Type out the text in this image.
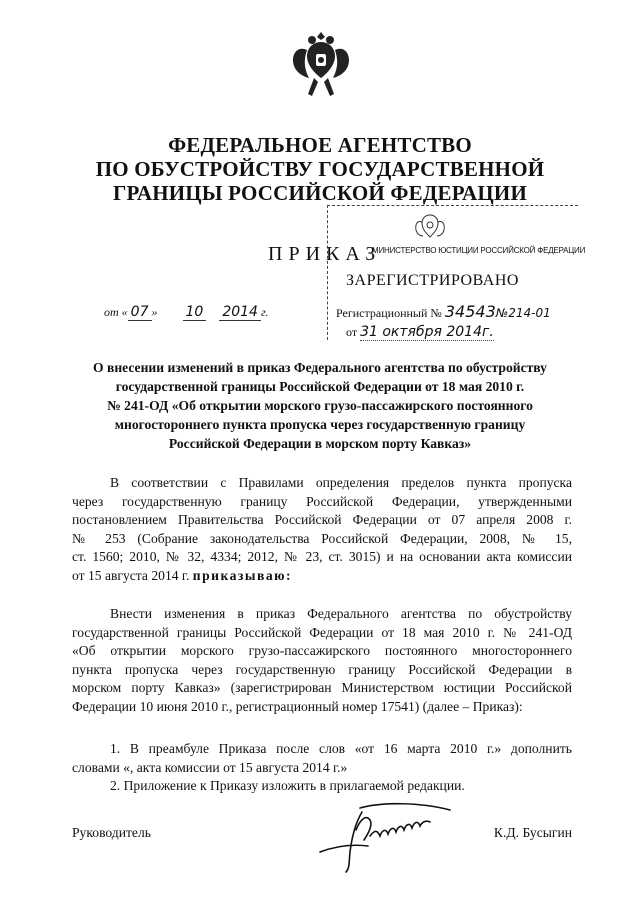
ФЕДЕРАЛЬНОЕ АГЕНТСТВО
ПО ОБУСТРОЙСТВУ ГОСУДАРСТВЕННОЙ
ГРАНИЦЫ РОССИЙСКОЙ ФЕДЕРАЦИИ
ПРИКАЗ
от « 07 » 10 2014 г.
МИНИСТЕРСТВО ЮСТИЦИИ РОССИЙСКОЙ ФЕДЕРАЦИИ
ЗАРЕГИСТРИРОВАНО
Регистрационный № 34543№214-01
от 31 октября 2014г.
О внесении изменений в приказ Федерального агентства по обустройству
государственной границы Российской Федерации от 18 мая 2010 г.
№ 241-ОД «Об открытии морского грузо-пассажирского постоянного
многостороннего пункта пропуска через государственную границу
Российской Федерации в морском порту Кавказ»
В соответствии с Правилами определения пределов пункта пропуска
через государственную границу Российской Федерации, утвержденными
постановлением Правительства Российской Федерации от 07 апреля 2008 г.
№ 253 (Собрание законодательства Российской Федерации, 2008, № 15,
ст. 1560; 2010, № 32, 4334; 2012, № 23, ст. 3015) и на основании акта комиссии
от 15 августа 2014 г. приказываю:
Внести изменения в приказ Федерального агентства по обустройству
государственной границы Российской Федерации от 18 мая 2010 г. № 241-ОД
«Об открытии морского грузо-пассажирского постоянного многостороннего
пункта пропуска через государственную границу Российской Федерации в
морском порту Кавказ» (зарегистрирован Министерством юстиции Российской
Федерации 10 июня 2010 г., регистрационный номер 17541) (далее – Приказ):
1. В преамбуле Приказа после слов «от 16 марта 2010 г.» дополнить
словами «, акта комиссии от 15 августа 2014 г.»
2. Приложение к Приказу изложить в прилагаемой редакции.
Руководитель	К.Д. Бусыгин
